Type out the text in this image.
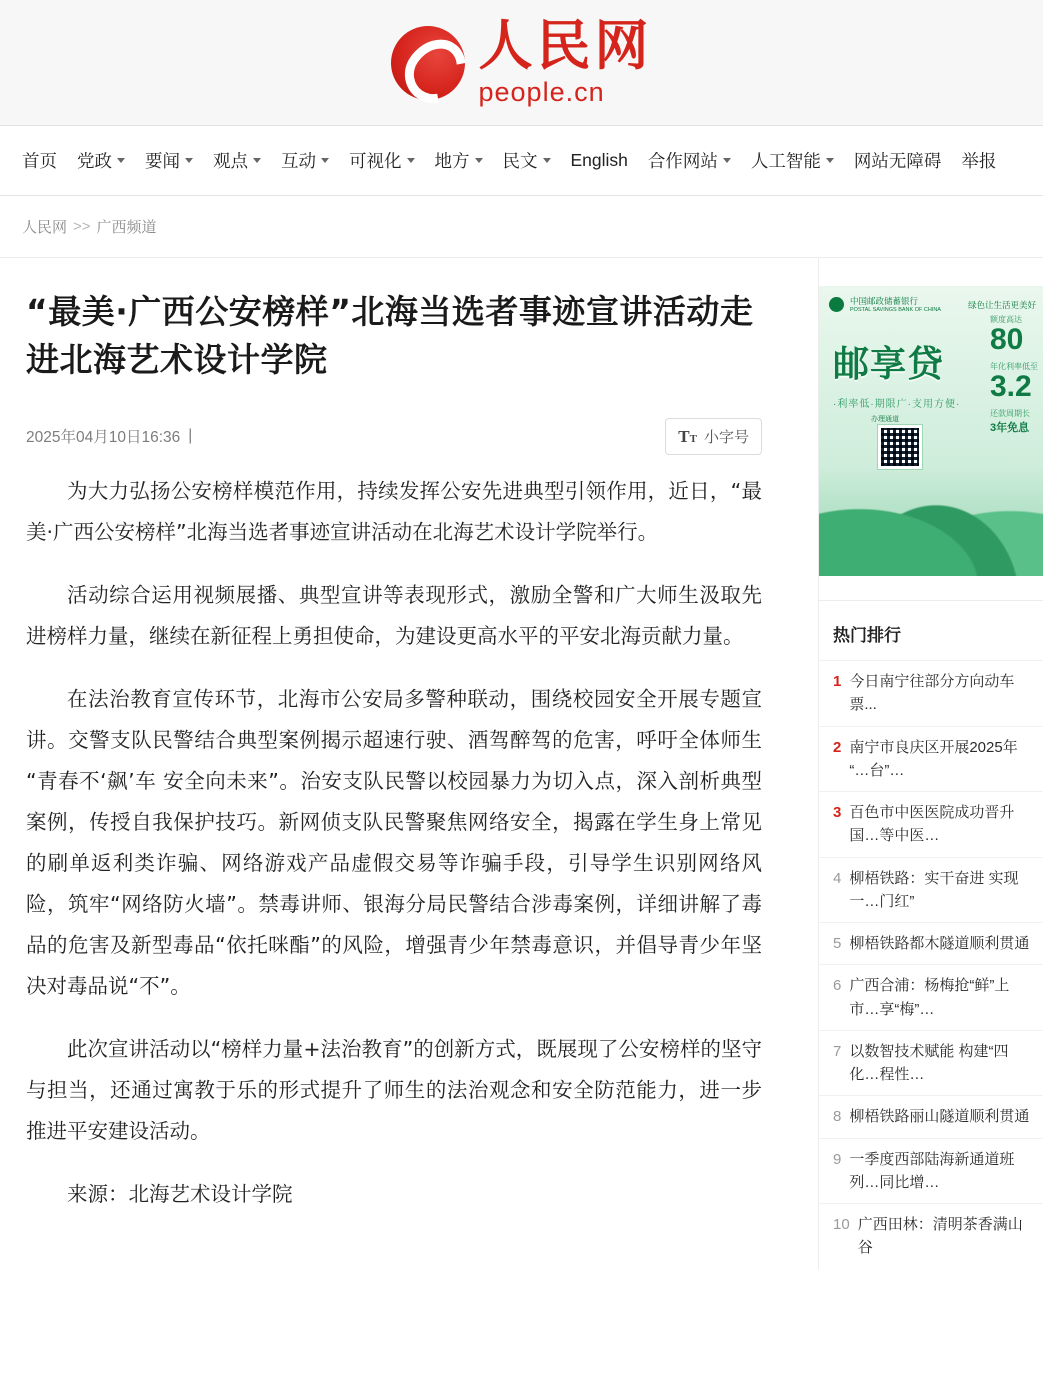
人民网
people.cn
首页 党政 要闻 观点 互动 可视化 地方 民文 English 合作网站 人工智能 网站无障碍 举报
人民网 >> 广西频道
“最美·广西公安榜样”北海当选者事迹宣讲活动走进北海艺术设计学院
2025年04月10日16:36 |	TT 小字号

为大力弘扬公安榜样模范作用，持续发挥公安先进典型引领作用，近日，“最美·广西公安榜样”北海当选者事迹宣讲活动在北海艺术设计学院举行。

活动综合运用视频展播、典型宣讲等表现形式，激励全警和广大师生汲取先进榜样力量，继续在新征程上勇担使命，为建设更高水平的平安北海贡献力量。

在法治教育宣传环节，北海市公安局多警种联动，围绕校园安全开展专题宣讲。交警支队民警结合典型案例揭示超速行驶、酒驾醉驾的危害，呼吁全体师生“青春不‘飙’车 安全向未来”。治安支队民警以校园暴力为切入点，深入剖析典型案例，传授自我保护技巧。新网侦支队民警聚焦网络安全，揭露在学生身上常见的刷单返利类诈骗、网络游戏产品虚假交易等诈骗手段，引导学生识别网络风险，筑牢“网络防火墙”。禁毒讲师、银海分局民警结合涉毒案例，详细讲解了毒品的危害及新型毒品“依托咪酯”的风险，增强青少年禁毒意识，并倡导青少年坚决对毒品说“不”。

此次宣讲活动以“榜样力量+法治教育”的创新方式，既展现了公安榜样的坚守与担当，还通过寓教于乐的形式提升了师生的法治观念和安全防范能力，进一步推进平安建设活动。

来源：北海艺术设计学院

中国邮政储蓄银行
POSTAL SAVINGS BANK OF CHINA	绿色让生活更美好
邮享贷
·利率低·期限广·支用方便·
额度高达
80
年化利率低至
3.2
还款周期长
3年免息
办理通道
热门排行
1 今日南宁往部分方向动车票...
2 南宁市良庆区开展2025年“…台”…
3 百色市中医医院成功晋升国…等中医…
4 柳梧铁路：实干奋进 实现一…门红”
5 柳梧铁路都木隧道顺利贯通
6 广西合浦：杨梅抢“鲜”上市…享“梅”…
7 以数智技术赋能 构建“四化…程性…
8 柳梧铁路丽山隧道顺利贯通
9 一季度西部陆海新通道班列…同比增…
10 广西田林：清明茶香满山谷
